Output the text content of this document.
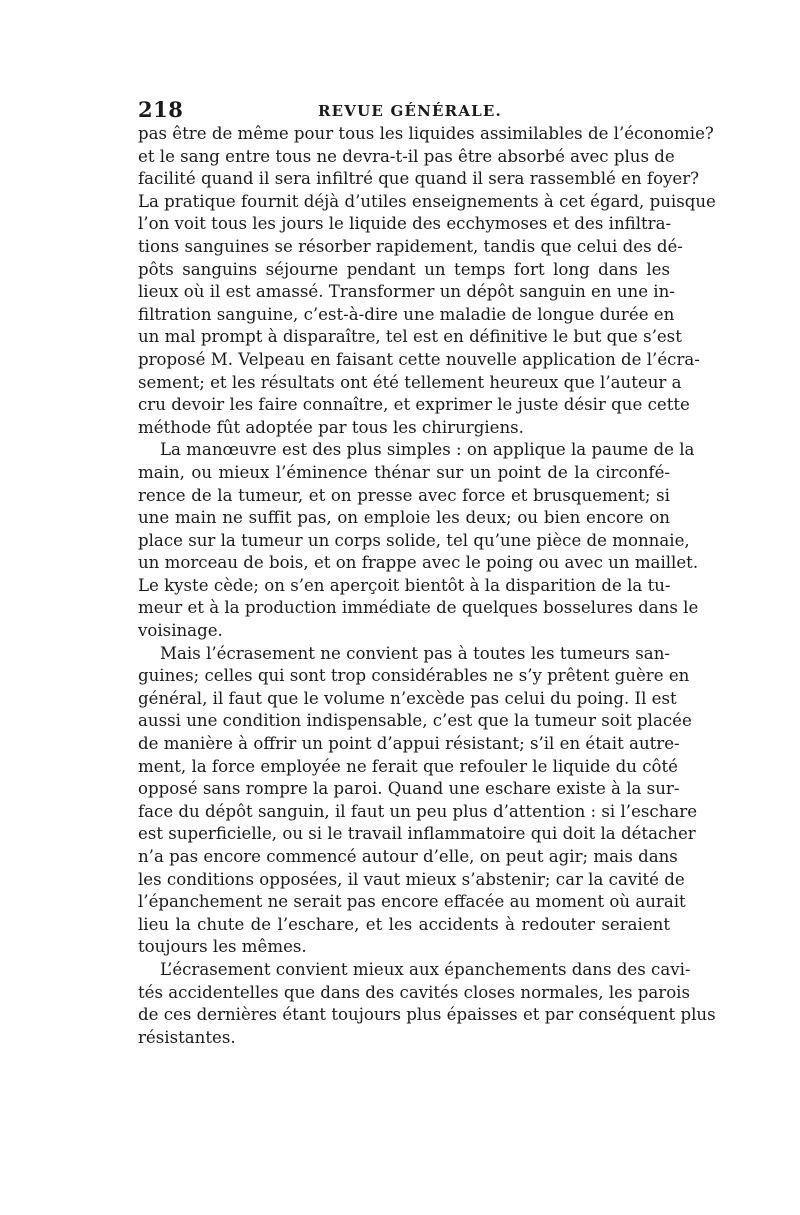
218	REVUE GÉNÉRALE.
pas être de même pour tous les liquides assimilables de l’économie?
et le sang entre tous ne devra-t-il pas être absorbé avec plus de
facilité quand il sera infiltré que quand il sera rassemblé en foyer?
La pratique fournit déjà d’utiles enseignements à cet égard, puisque
l’on voit tous les jours le liquide des ecchymoses et des infiltra-
tions sanguines se résorber rapidement, tandis que celui des dé-
pôts sanguins séjourne pendant un temps fort long dans les
lieux où il est amassé. Transformer un dépôt sanguin en une in-
filtration sanguine, c’est-à-dire une maladie de longue durée en
un mal prompt à disparaître, tel est en définitive le but que s’est
proposé M. Velpeau en faisant cette nouvelle application de l’écra-
sement; et les résultats ont été tellement heureux que l’auteur a
cru devoir les faire connaître, et exprimer le juste désir que cette
méthode fût adoptée par tous les chirurgiens.
La manœuvre est des plus simples : on applique la paume de la
main, ou mieux l’éminence thénar sur un point de la circonfé-
rence de la tumeur, et on presse avec force et brusquement; si
une main ne suffit pas, on emploie les deux; ou bien encore on
place sur la tumeur un corps solide, tel qu’une pièce de monnaie,
un morceau de bois, et on frappe avec le poing ou avec un maillet.
Le kyste cède; on s’en aperçoit bientôt à la disparition de la tu-
meur et à la production immédiate de quelques bosselures dans le
voisinage.
Mais l’écrasement ne convient pas à toutes les tumeurs san-
guines; celles qui sont trop considérables ne s’y prêtent guère en
général, il faut que le volume n’excède pas celui du poing. Il est
aussi une condition indispensable, c’est que la tumeur soit placée
de manière à offrir un point d’appui résistant; s’il en était autre-
ment, la force employée ne ferait que refouler le liquide du côté
opposé sans rompre la paroi. Quand une eschare existe à la sur-
face du dépôt sanguin, il faut un peu plus d’attention : si l’eschare
est superficielle, ou si le travail inflammatoire qui doit la détacher
n’a pas encore commencé autour d’elle, on peut agir; mais dans
les conditions opposées, il vaut mieux s’abstenir; car la cavité de
l’épanchement ne serait pas encore effacée au moment où aurait
lieu la chute de l’eschare, et les accidents à redouter seraient
toujours les mêmes.
L’écrasement convient mieux aux épanchements dans des cavi-
tés accidentelles que dans des cavités closes normales, les parois
de ces dernières étant toujours plus épaisses et par conséquent plus
résistantes.
